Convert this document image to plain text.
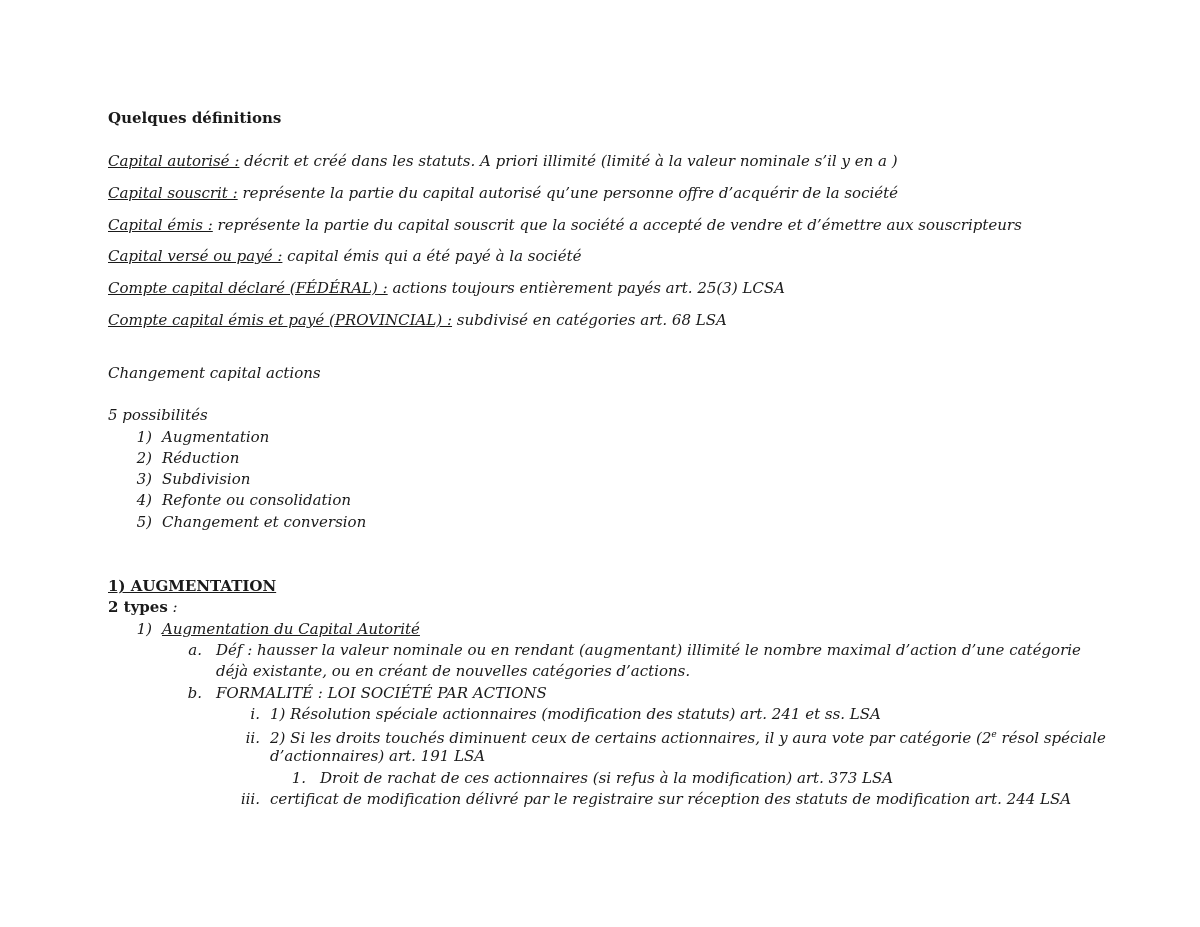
Quelques définitions
Capital autorisé : décrit et créé dans les statuts. A priori illimité (limité à la valeur nominale s’il y en a )
Capital souscrit : représente la partie du capital autorisé qu’une personne offre d’acquérir de la société
Capital émis : représente la partie du capital souscrit que la société a accepté de vendre et d’émettre aux souscripteurs
Capital versé ou payé : capital émis qui a été payé à la société
Compte capital déclaré (FÉDÉRAL) : actions toujours entièrement payés art. 25(3) LCSA
Compte capital émis et payé (PROVINCIAL) : subdivisé en catégories art. 68 LSA
Changement capital actions
5 possibilités
1) Augmentation
2) Réduction
3) Subdivision
4) Refonte ou consolidation
5) Changement et conversion
1) AUGMENTATION
2 types :
1) Augmentation du Capital Autorité
a. Déf : hausser la valeur nominale ou en rendant (augmentant) illimité le nombre maximal d’action d’une catégorie
déjà existante, ou en créant de nouvelles catégories d’actions.
b. FORMALITÉ : LOI SOCIÉTÉ PAR ACTIONS
i. 1) Résolution spéciale actionnaires (modification des statuts) art. 241 et ss. LSA
ii. 2) Si les droits touchés diminuent ceux de certains actionnaires, il y aura vote par catégorie (2e résol spéciale
d’actionnaires) art. 191 LSA
1. Droit de rachat de ces actionnaires (si refus à la modification) art. 373 LSA
iii. certificat de modification délivré par le registraire sur réception des statuts de modification art. 244 LSA
